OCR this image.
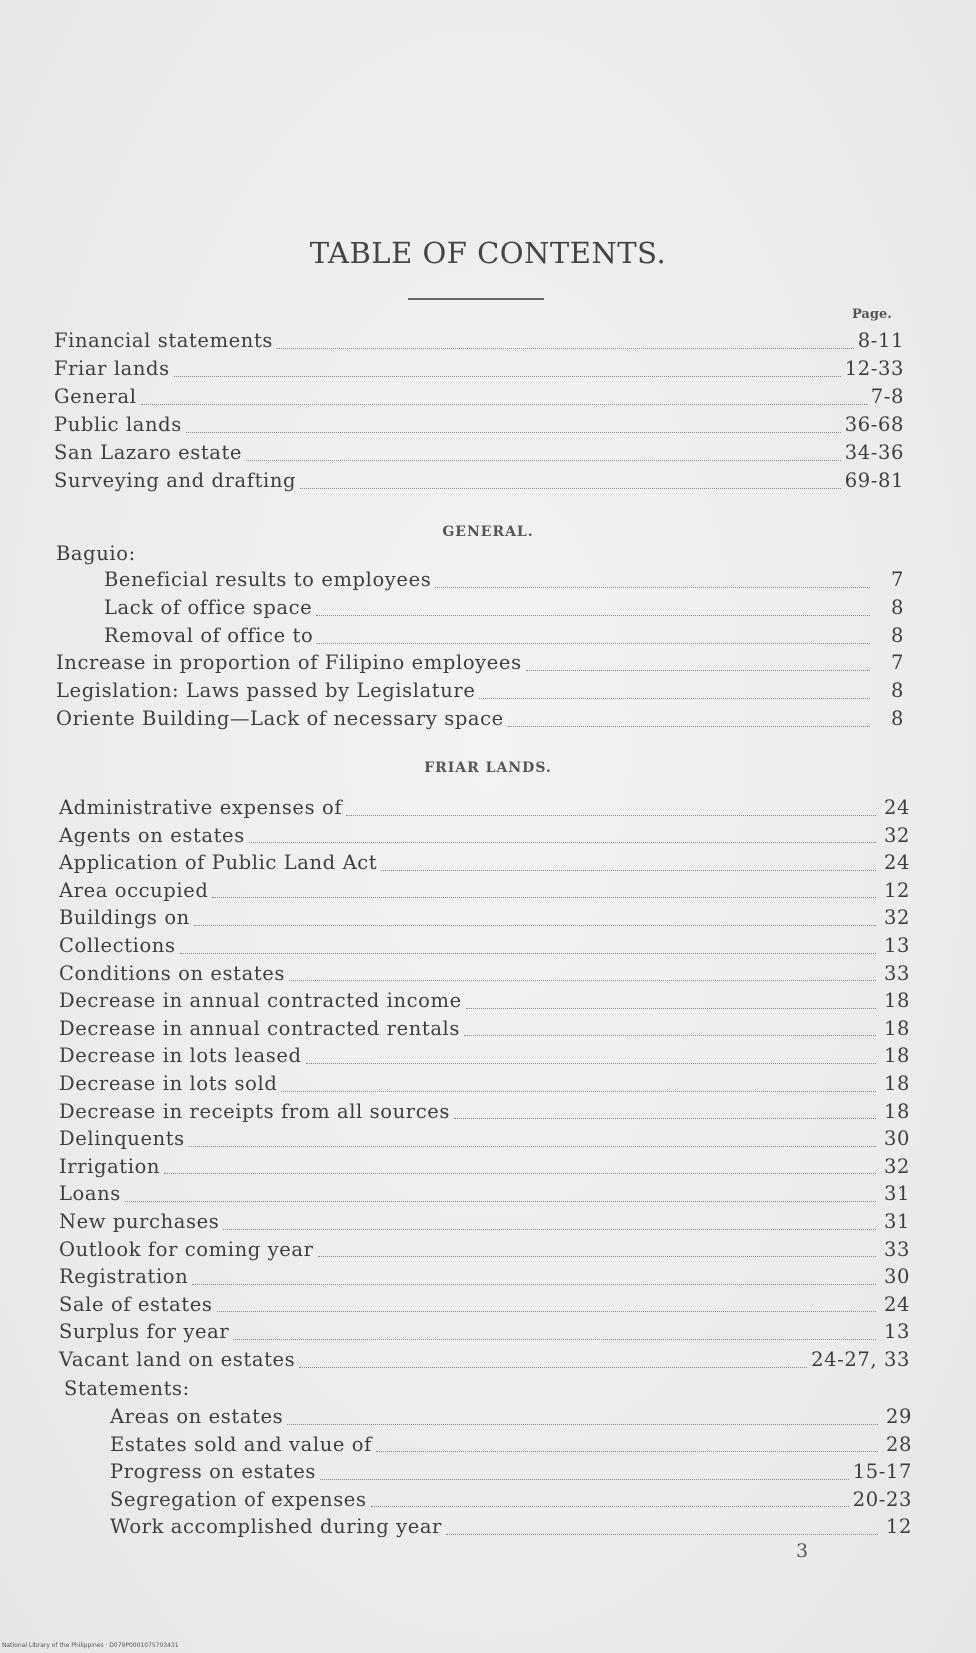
TABLE OF CONTENTS.
Page.
Financial statements	8-11
Friar lands	12-33
General	7-8
Public lands	36-68
San Lazaro estate	34-36
Surveying and drafting	69-81
GENERAL.
Baguio:
Beneficial results to employees	7
Lack of office space	8
Removal of office to	8
Increase in proportion of Filipino employees	7
Legislation: Laws passed by Legislature	8
Oriente Building—Lack of necessary space	8
FRIAR LANDS.
Administrative expenses of	24
Agents on estates	32
Application of Public Land Act	24
Area occupied	12
Buildings on	32
Collections	13
Conditions on estates	33
Decrease in annual contracted income	18
Decrease in annual contracted rentals	18
Decrease in lots leased	18
Decrease in lots sold	18
Decrease in receipts from all sources	18
Delinquents	30
Irrigation	32
Loans	31
New purchases	31
Outlook for coming year	33
Registration	30
Sale of estates	24
Surplus for year	13
Vacant land on estates	24-27, 33
Statements:
Areas on estates	29
Estates sold and value of	28
Progress on estates	15-17
Segregation of expenses	20-23
Work accomplished during year	12
3
National Library of the Philippines · D079P0001075703431
